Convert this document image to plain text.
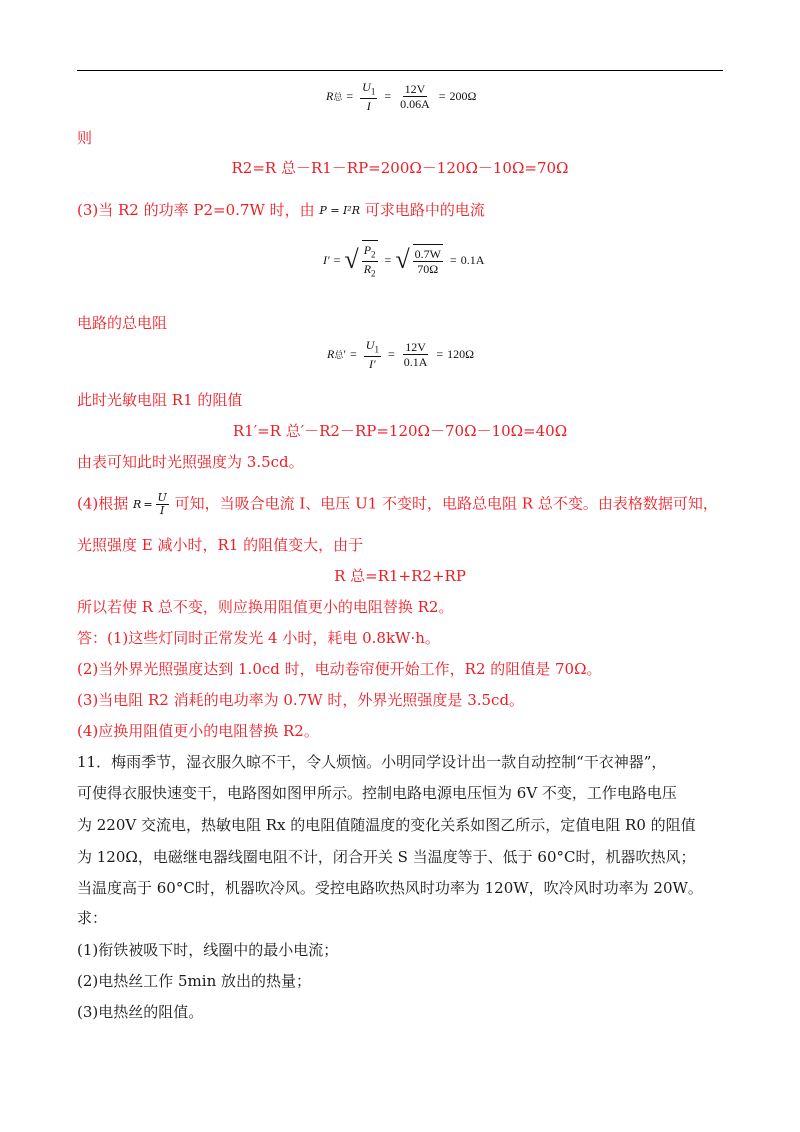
R 总 = $\frac{U_1}{I} = \frac{12V}{0.06A} = 200\Omega$
则
R2=R 总－R1－RP=200Ω－120Ω－10Ω=70Ω
(3)当 R2 的功率 P2=0.7W 时，由 P = I²R 可求电路中的电流
I′ = √ $\frac{P_2}{R_2}$ = √ $\frac{0.7W}{70\Omega} = 0.1A$
电路的总电阻
R 总 ′ = $\frac{U_1}{I'} = \frac{12V}{0.1A} = 120\Omega$
此时光敏电阻 R1 的阻值
R1′=R 总′－R2－RP=120Ω－70Ω－10Ω=40Ω
由表可知此时光照强度为 3.5cd。
(4)根据 $R = \frac{U}{I}$ 可知，当吸合电流 I、电压 U1 不变时，电路总电阻 R 总不变。由表格数据可知，
光照强度 E 减小时，R1 的阻值变大，由于
R 总=R1+R2+RP
所以若使 R 总不变，则应换用阻值更小的电阻替换 R2。
答：(1)这些灯同时正常发光 4 小时，耗电 0.8kW·h。
(2)当外界光照强度达到 1.0cd 时，电动卷帘便开始工作，R2 的阻值是 70Ω。
(3)当电阻 R2 消耗的电功率为 0.7W 时，外界光照强度是 3.5cd。
(4)应换用阻值更小的电阻替换 R2。
11．梅雨季节，湿衣服久晾不干，令人烦恼。小明同学设计出一款自动控制“干衣神器”，
可使得衣服快速变干，电路图如图甲所示。控制电路电源电压恒为 6V 不变，工作电路电压
为 220V 交流电，热敏电阻 Rx 的电阻值随温度的变化关系如图乙所示，定值电阻 R0 的阻值
为 120Ω，电磁继电器线圈电阻不计，闭合开关 S 当温度等于、低于 60°C时，机器吹热风；
当温度高于 60°C时，机器吹冷风。受控电路吹热风时功率为 120W，吹冷风时功率为 20W。
求：
(1)衔铁被吸下时，线圈中的最小电流；
(2)电热丝工作 5min 放出的热量；
(3)电热丝的阻值。
